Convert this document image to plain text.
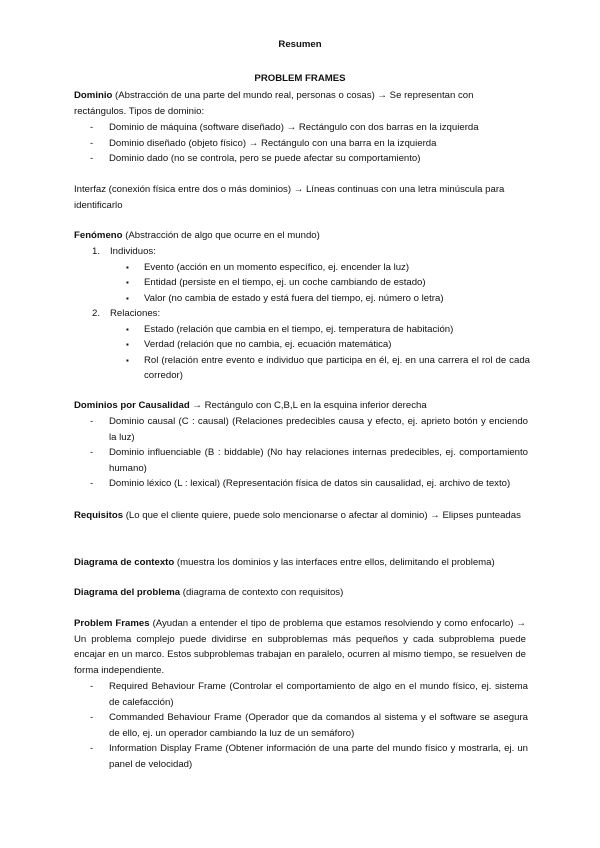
Resumen
PROBLEM FRAMES
Dominio (Abstracción de una parte del mundo real, personas o cosas) → Se representan con rectángulos. Tipos de dominio:
- Dominio de máquina (software diseñado) → Rectángulo con dos barras en la izquierda
- Dominio diseñado (objeto físico) → Rectángulo con una barra en la izquierda
- Dominio dado (no se controla, pero se puede afectar su comportamiento)
Interfaz (conexión física entre dos o más dominios) → Líneas continuas con una letra minúscula para identificarlo
Fenómeno (Abstracción de algo que ocurre en el mundo)
1. Individuos:
▪ Evento (acción en un momento específico, ej. encender la luz)
▪ Entidad (persiste en el tiempo, ej. un coche cambiando de estado)
▪ Valor (no cambia de estado y está fuera del tiempo, ej. número o letra)
2. Relaciones:
▪ Estado (relación que cambia en el tiempo, ej. temperatura de habitación)
▪ Verdad (relación que no cambia, ej. ecuación matemática)
▪ Rol (relación entre evento e individuo que participa en él, ej. en una carrera el rol de cada corredor)
Dominios por Causalidad → Rectángulo con C,B,L en la esquina inferior derecha
- Dominio causal (C : causal) (Relaciones predecibles causa y efecto, ej. aprieto botón y enciendo la luz)
- Dominio influenciable (B : biddable) (No hay relaciones internas predecibles, ej. comportamiento humano)
- Dominio léxico (L : lexical) (Representación física de datos sin causalidad, ej. archivo de texto)
Requisitos (Lo que el cliente quiere, puede solo mencionarse o afectar al dominio) → Elipses punteadas
Diagrama de contexto (muestra los dominios y las interfaces entre ellos, delimitando el problema)
Diagrama del problema (diagrama de contexto con requisitos)
Problem Frames (Ayudan a entender el tipo de problema que estamos resolviendo y como enfocarlo) → Un problema complejo puede dividirse en subproblemas más pequeños y cada subproblema puede encajar en un marco. Estos subproblemas trabajan en paralelo, ocurren al mismo tiempo, se resuelven de forma independiente.
- Required Behaviour Frame (Controlar el comportamiento de algo en el mundo físico, ej. sistema de calefacción)
- Commanded Behaviour Frame (Operador que da comandos al sistema y el software se asegura de ello, ej. un operador cambiando la luz de un semáforo)
- Information Display Frame (Obtener información de una parte del mundo físico y mostrarla, ej. un panel de velocidad)
